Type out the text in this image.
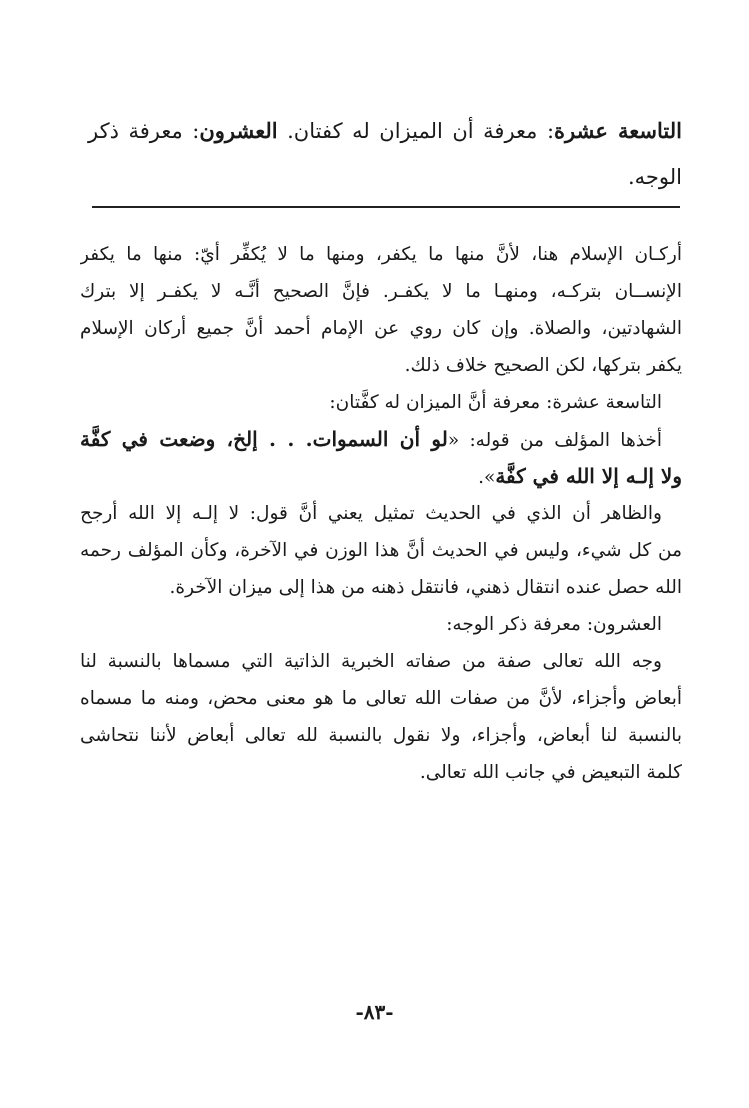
التاسعة عشرة: معرفة أن الميزان له كفتان. العشرون: معرفة ذكر الوجه.
أركـان الإسلام هنا، لأنَّ منها ما يكفر، ومنها ما لا يُكفِّر أيّ: منها ما يكفر
الإنســان بتركـه، ومنهـا ما لا يكفـر. فإنَّ الصحيح أنَّـه لا يكفـر إلا بترك
الشهادتين، والصلاة. وإن كان روي عن الإمام أحمد أنَّ جميع أركان الإسلام
يكفر بتركها، لكن الصحيح خلاف ذلك.
التاسعة عشرة: معرفة أنَّ الميزان له كفَّتان:
أخذها المؤلف من قوله: «لو أن السموات. . . إلخ، وضعت في كفَّة
ولا إلـه إلا الله في كفَّة».
والظاهر أن الذي في الحديث تمثيل يعني أنَّ قول: لا إلـه إلا الله أرجح
من كل شيء، وليس في الحديث أنَّ هذا الوزن في الآخرة، وكأن المؤلف رحمه
الله حصل عنده انتقال ذهني، فانتقل ذهنه من هذا إلى ميزان الآخرة.
العشرون: معرفة ذكر الوجه:
وجه الله تعالى صفة من صفاته الخبرية الذاتية التي مسماها بالنسبة لنا
أبعاض وأجزاء، لأنَّ من صفات الله تعالى ما هو معنى محض، ومنه ما مسماه
بالنسبة لنا أبعاض، وأجزاء، ولا نقول بالنسبة لله تعالى أبعاض لأننا نتحاشى
كلمة التبعيض في جانب الله تعالى.
-٨٣-
